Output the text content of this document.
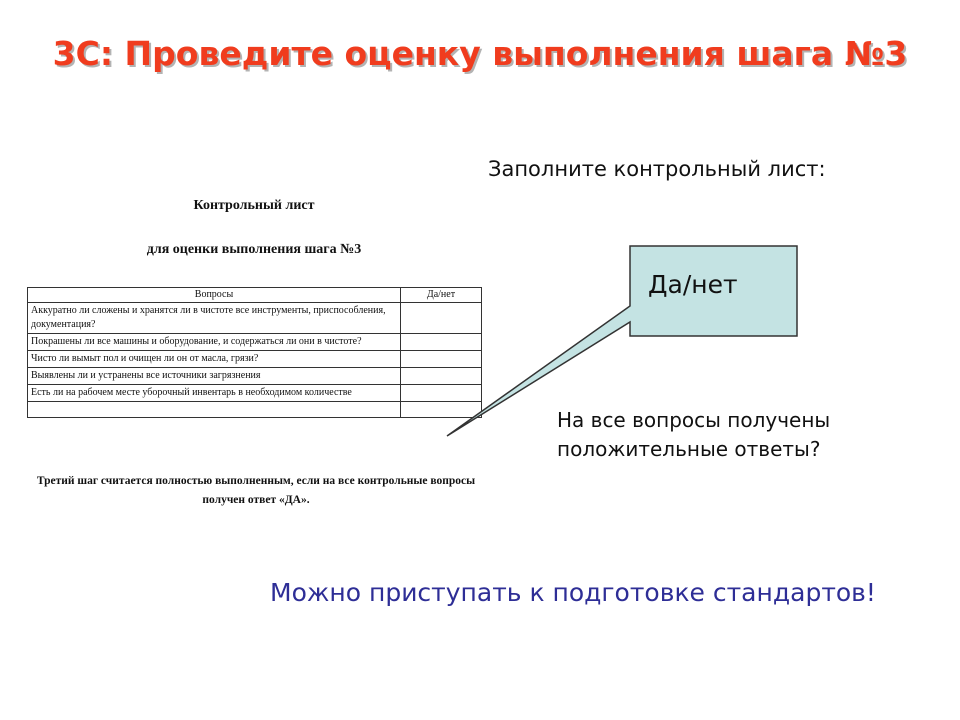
3С: Проведите оценку выполнения шага №3
Заполните контрольный лист:
Контрольный лист
для оценки выполнения шага №3
Вопросы	Да/нет
Аккуратно ли сложены и хранятся ли в чистоте все инструменты, приспособления, документация?	
Покрашены ли все машины и оборудование, и содержаться ли они в чистоте?	
Чисто ли вымыт пол и очищен ли он от масла, грязи?	
Выявлены ли и устранены все источники загрязнения	
Есть ли на рабочем месте уборочный инвентарь в необходимом количестве	

Третий шаг считается полностью выполненным, если на все контрольные вопросы получен ответ «ДА».
Да/нет
На все вопросы получены положительные ответы?
Можно приступать к подготовке стандартов!
